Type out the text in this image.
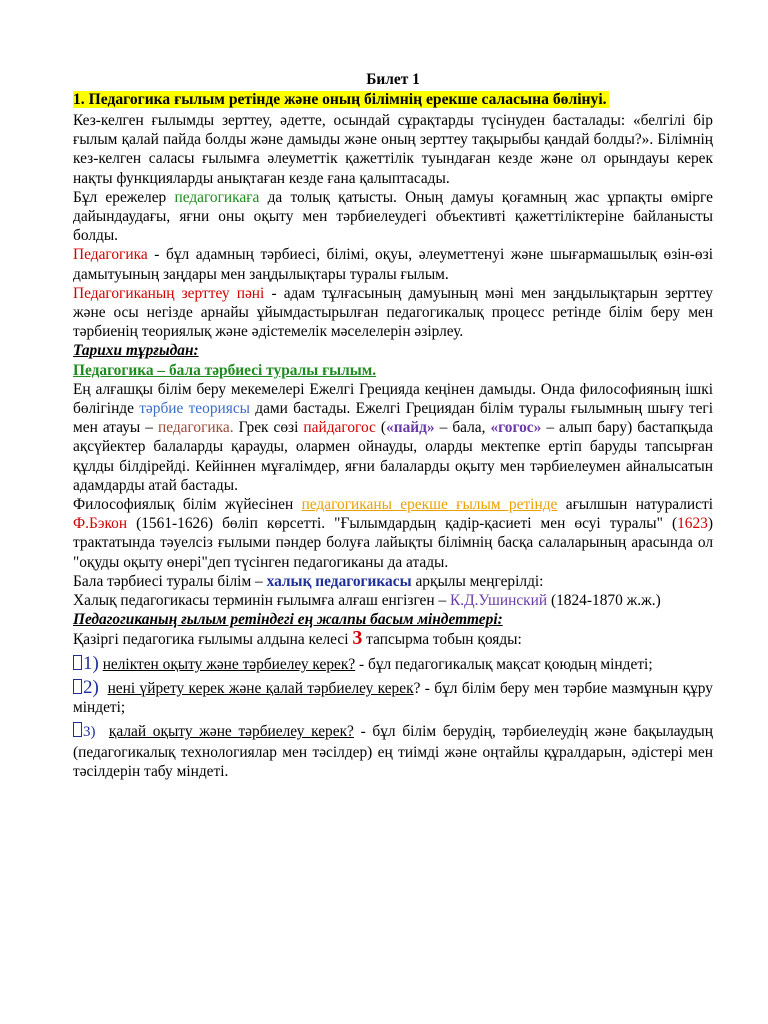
Билет 1
1. Педагогика ғылым ретінде және оның білімнің ерекше саласына бөлінуі.
Кез-келген ғылымды зерттеу, әдетте, осындай сұрақтарды түсінуден басталады: «белгілі бір ғылым қалай пайда болды және дамыды және оның зерттеу тақырыбы қандай болды?». Білімнің кез-келген саласы ғылымға әлеуметтік қажеттілік туындаған кезде және ол орындауы керек нақты функцияларды анықтаған кезде ғана қалыптасады.
Бұл ережелер педагогикаға да толық қатысты. Оның дамуы қоғамның жас ұрпақты өмірге дайындаудағы, яғни оны оқыту мен тәрбиелеудегі объективті қажеттіліктеріне байланысты болды.
Педагогика - бұл адамның тәрбиесі, білімі, оқуы, әлеуметтенуі және шығармашылық өзін-өзі дамытуының заңдары мен заңдылықтары туралы ғылым.
Педагогиканың зерттеу пәні - адам тұлғасының дамуының мәні мен заңдылықтарын зерттеу және осы негізде арнайы ұйымдастырылған педагогикалық процесс ретінде білім беру мен тәрбиенің теориялық және әдістемелік мәселелерін әзірлеу.
Тарихи тұрғыдан:
Педагогика – бала тәрбиесі туралы ғылым.
Ең алғашқы білім беру мекемелері Ежелгі Грецияда кеңінен дамыды. Онда философияның ішкі бөлігінде тәрбие теориясы дами бастады. Ежелгі Грециядан білім туралы ғылымның шығу тегі мен атауы – педагогика. Грек сөзі пайдагогос («пайд» – бала, «гогос» – алып бару) бастапқыда ақсүйектер балаларды қарауды, олармен ойнауды, оларды мектепке ертіп баруды тапсырған құлды білдірейді. Кейіннен мұғалімдер, яғни балаларды оқыту мен тәрбиелеумен айналысатын адамдарды атай бастады.
Философиялық білім жүйесінен педагогиканы ерекше ғылым ретінде ағылшын натуралисті Ф.Бэкон (1561-1626) бөліп көрсетті. "Ғылымдардың қадір-қасиеті мен өсуі туралы" (1623) трактатында тәуелсіз ғылыми пәндер болуға лайықты білімнің басқа салаларының арасында ол "оқуды оқыту өнері"деп түсінген педагогиканы да атады.
Бала тәрбиесі туралы білім – халық педагогикасы арқылы меңгерілді:
Халық педагогикасы терминін ғылымға алғаш енгізген – К.Д.Ушинский (1824-1870 ж.ж.)
Педагогиканың ғылым ретіндегі ең жалпы басым міндеттері:
Қазіргі педагогика ғылымы алдына келесі 3 тапсырма тобын қояды:
1) неліктен оқыту және тәрбиелеу керек? - бұл педагогикалық мақсат қоюдың міндеті;
2) нені үйрету керек және қалай тәрбиелеу керек? - бұл білім беру мен тәрбие мазмұнын құру міндеті;
3) қалай оқыту және тәрбиелеу керек? - бұл білім берудің, тәрбиелеудің және бақылаудың (педагогикалық технологиялар мен тәсілдер) ең тиімді және оңтайлы құралдарын, әдістері мен тәсілдерін табу міндеті.
